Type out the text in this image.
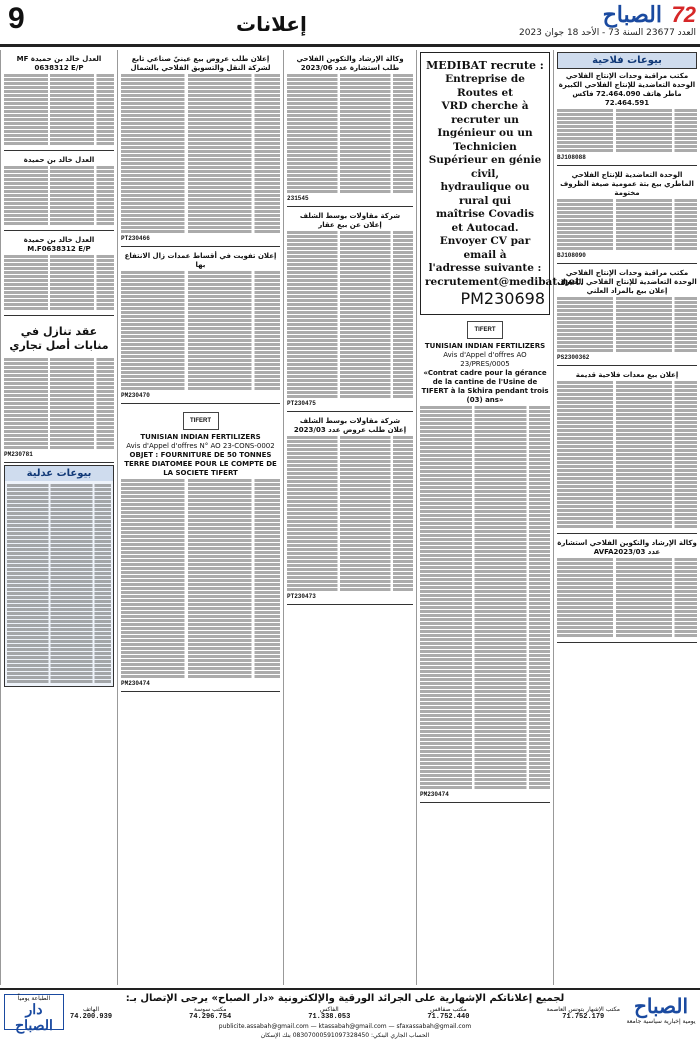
9	إعلانات	72
الصباح
العدد 23677 السنة 73 - الأحد 18 جوان 2023
بيوعات فلاحية
مكتب مراقبة وحدات الإنتاج الفلاحي الوحدة التعاضدية للإنتاج الفلاحي الكبيرة ماطر هاتف 72.464.090 فاكس 72.464.591
BJ108088
الوحدة التعاضدية للإنتاج الفلاحي الماطري بيع بتة عمومية صيغة الظروف مختومة
BJ108090
مكتب مراقبة وحدات الإنتاج الفلاحي الوحدة التعاضدية للإنتاج الفلاحي العمران إعلان بيع بالمزاد العلني
PS2300362
إعلان بيع معدات فلاحية قديمة
وكالة الإرشاد والتكوين الفلاحي استشارة عدد AVFA2023/03
MEDIBAT recrute :
Entreprise de Routes et
VRD cherche à recruter un
Ingénieur ou un Technicien
Supérieur en génie civil,
hydraulique ou rural qui
maîtrise Covadis
et Autocad.
Envoyer CV par email à
l'adresse suivante :
recrutement@medibat.net.
PM230698
TIFERT
TUNISIAN INDIAN FERTILIZERS
Avis d'Appel d'offres AO 23/PRES/0005
«Contrat cadre pour la gérance de la cantine de l'Usine de TIFERT à la Skhira pendant trois (03) ans»
PM230474
وكالة الإرشاد والتكوين الفلاحي طلب استشارة عدد 2023/06
231545
شركة مقاولات بوسط الشلف
إعلان عن بيع عقار
PT230475
شركة مقاولات بوسط الشلف
إعلان طلب عروض عدد 2023/03
PT230473
إعلان طلب عروض بيع عينيّ صناعي تابع لشركة النقل والتسويق الفلاحي بالشمال
PT230466
إعلان تفويت في أقساط عمدات زال الانتفاع بها
PM230470
TIFERT
TUNISIAN INDIAN FERTILIZERS
Avis d'Appel d'offres N° AO 23-CONS-0002
OBJET : FOURNITURE DE 50 TONNES TERRE DIATOMEE POUR LE COMPTE DE LA SOCIETE TIFERT
PM230474
العدل خالد بن حميدة MF 0638312 E/P
العدل خالد بن حميدة
العدل خالد بن حميدة M.F0638312 E/P
عقد تنازل في منابات أصل تجاري
PM230781
بيوعات عدلية
الصباح
يومية إخبارية سياسية جامعة
لجميع إعلاناتكم الإشهارية على الجرائد الورقية والإلكترونية «دار الصباح» يرجى الإتصال بـ:
مكتب الإشهار بتونس العاصمة
71.752.179
مكتب صفاقس
71.752.440
الفاكس
71.338.053
مكتب سوسة
74.296.754
الهاتف
74.200.939
publicite.assabah@gmail.com — ktassabah@gmail.com — sfaxassabah@gmail.com
الحساب الجاري البنكي: 08307000591097328450 بنك الإسكان
الطباعة يومياً
دار الصباح
